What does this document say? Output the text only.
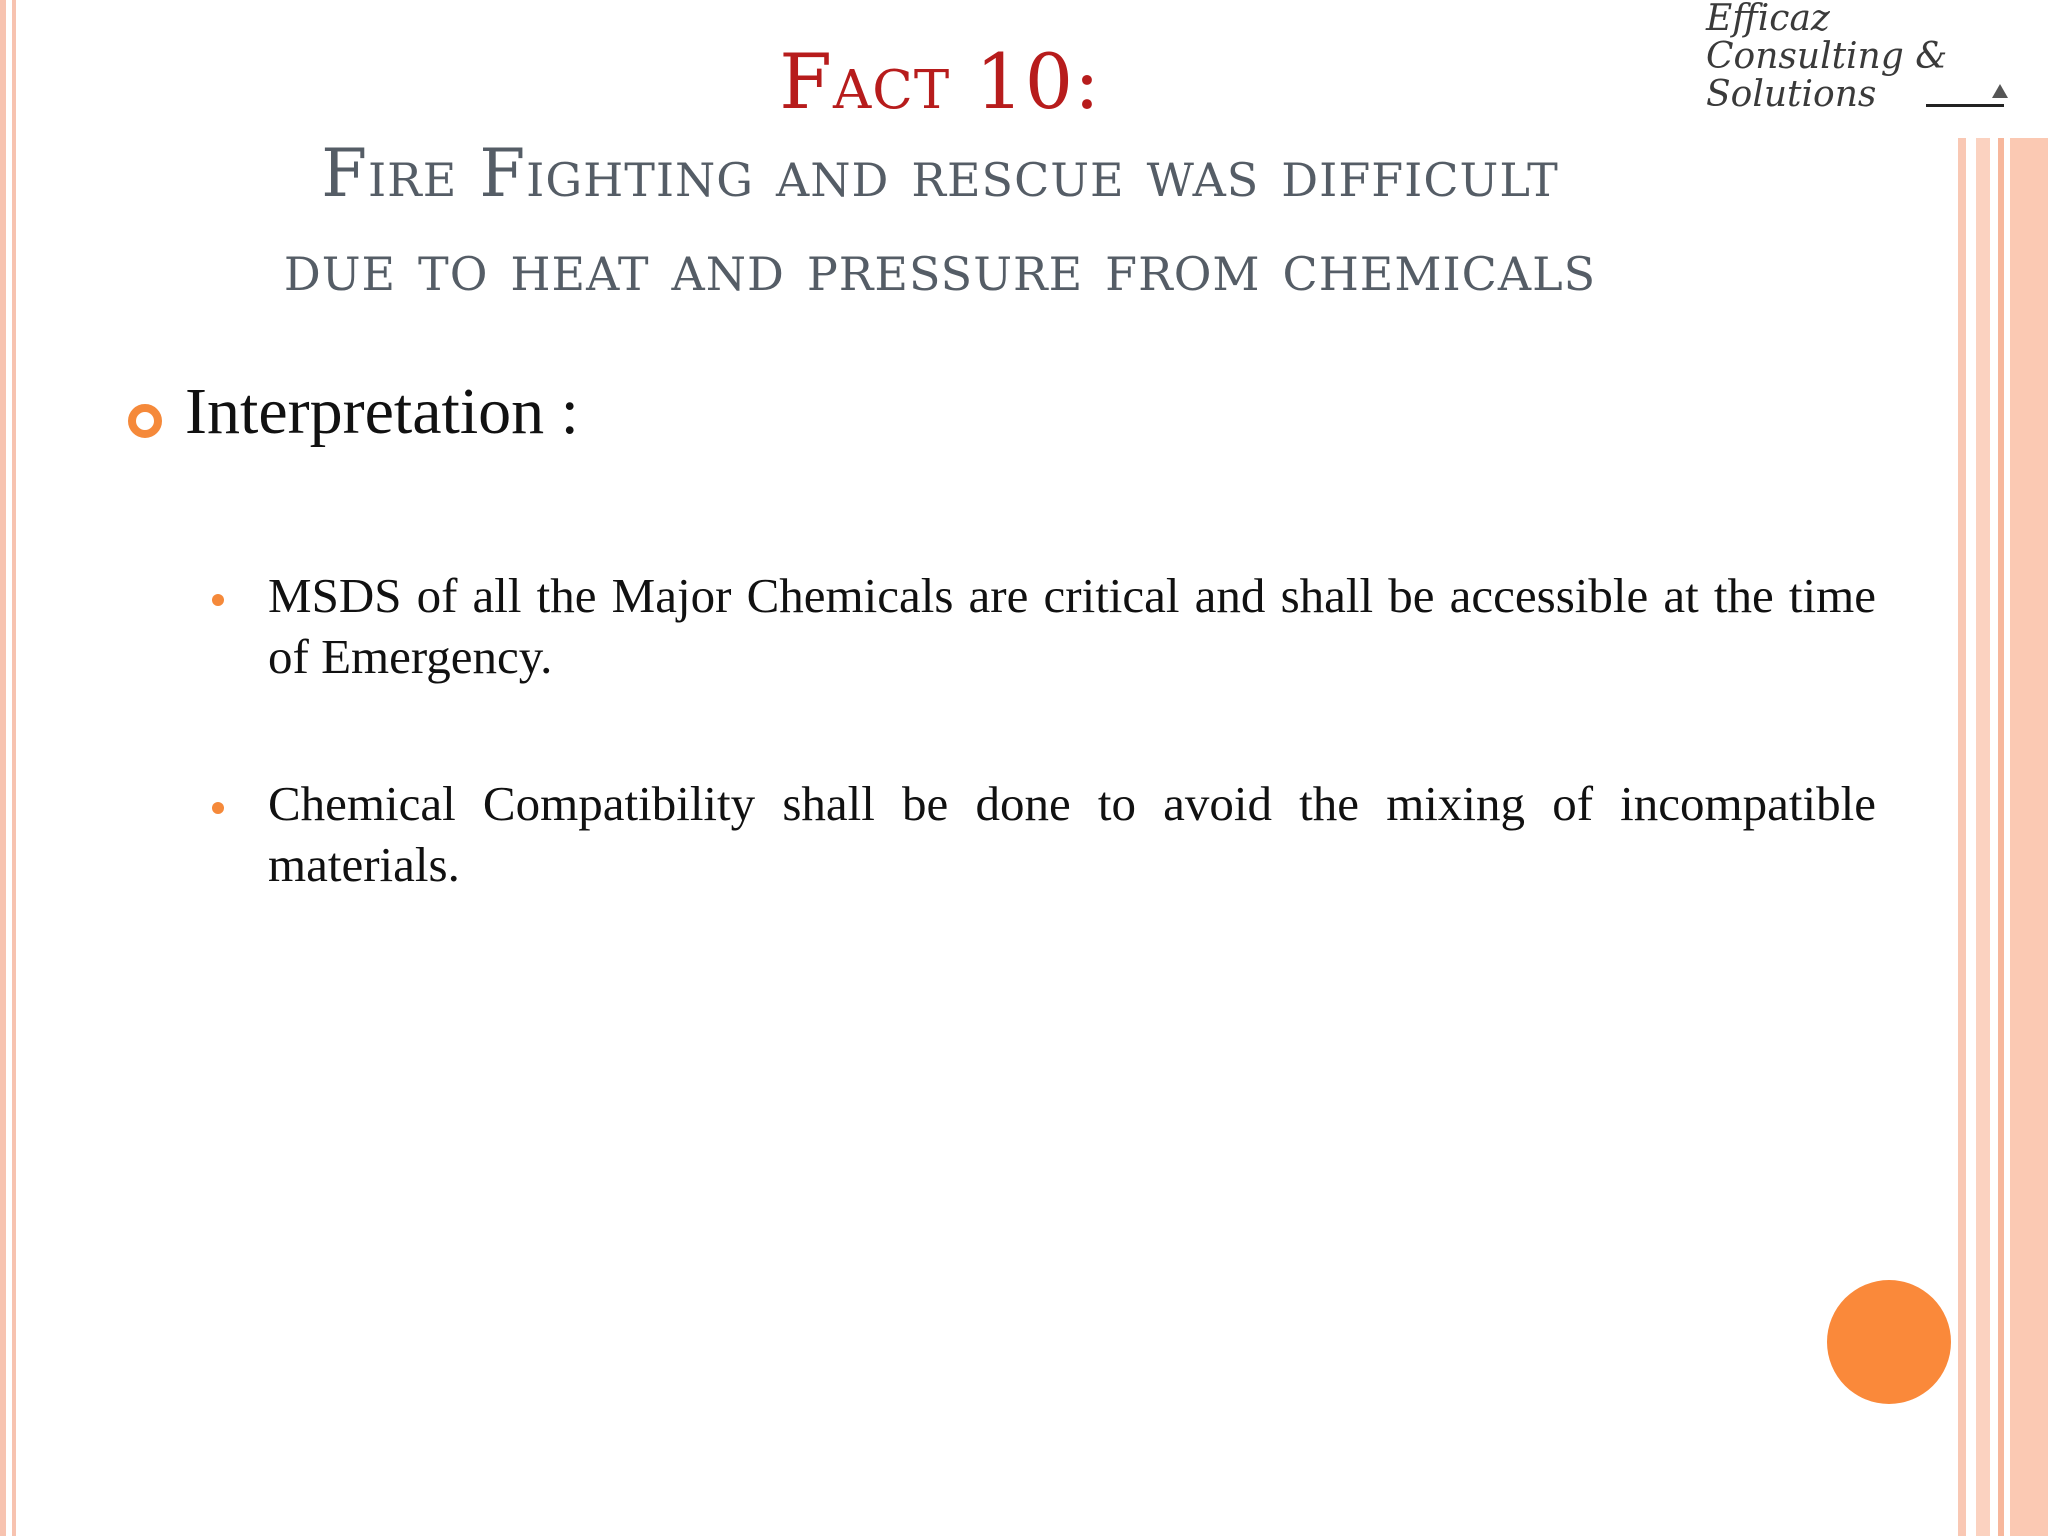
Efficaz
Consulting &
Solutions
Fact 10:
Fire Fighting and rescue was difficult
due to heat and pressure from chemicals
Interpretation :
MSDS of all the Major Chemicals are critical and shall be accessible at the time of Emergency.
Chemical Compatibility shall be done to avoid the mixing of incompatible materials.
